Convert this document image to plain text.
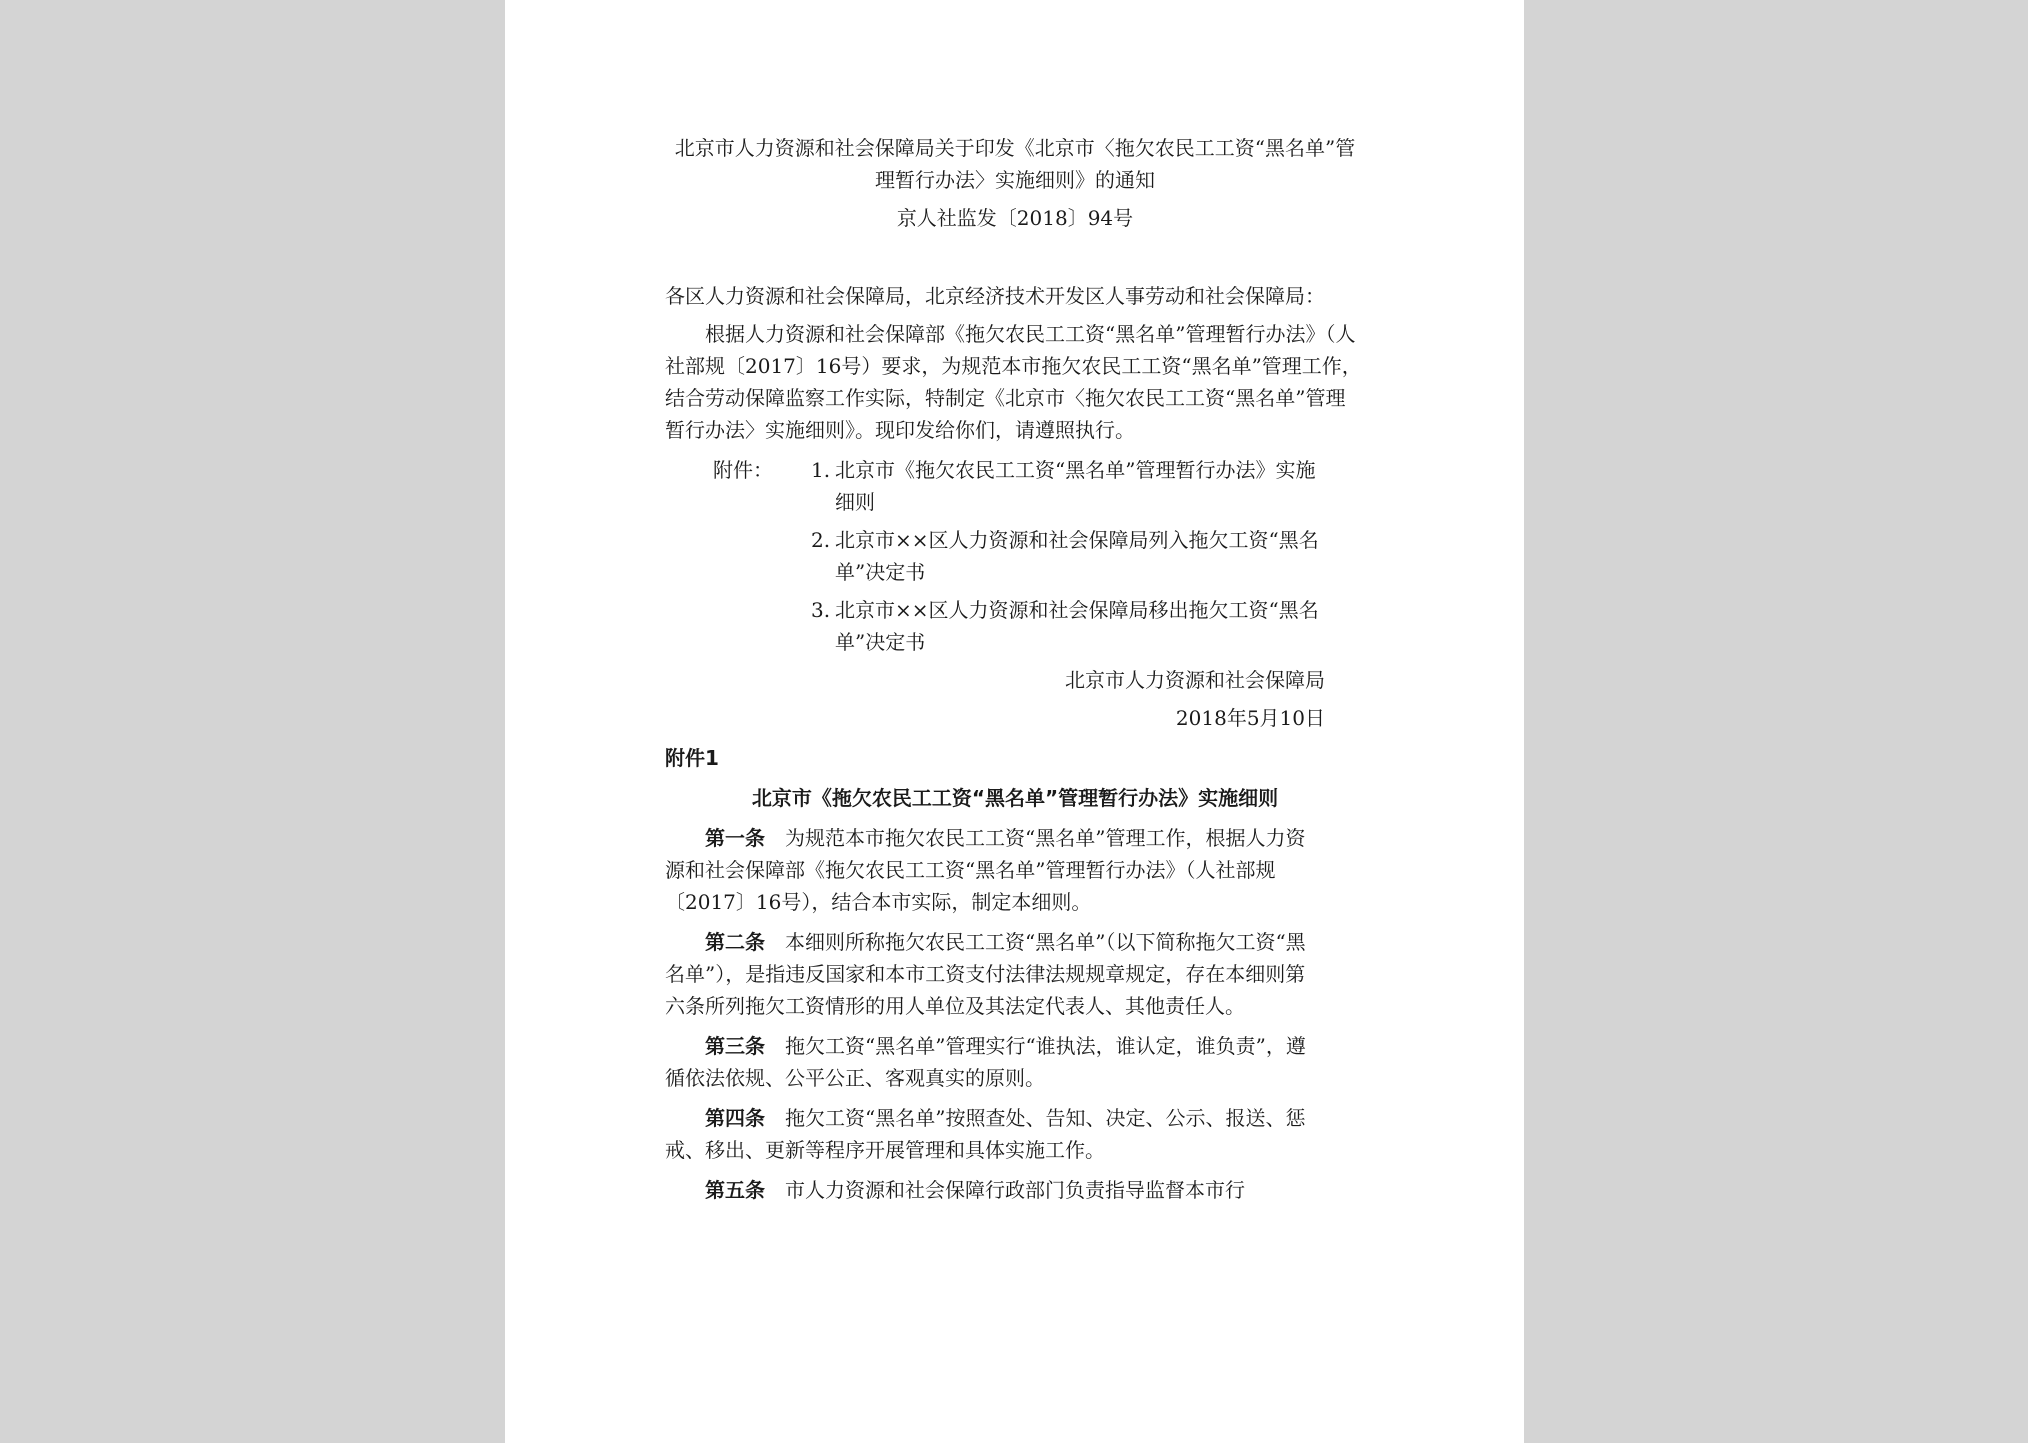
北京市人力资源和社会保障局关于印发《北京市〈拖欠农民工工资“黑名单”管理暂行办法〉实施细则》的通知

京人社监发〔2018〕94号

各区人力资源和社会保障局，北京经济技术开发区人事劳动和社会保障局：

根据人力资源和社会保障部《拖欠农民工工资“黑名单”管理暂行办法》（人社部规〔2017〕16号）要求，为规范本市拖欠农民工工资“黑名单”管理工作，结合劳动保障监察工作实际，特制定《北京市〈拖欠农民工工资“黑名单”管理暂行办法〉实施细则》。现印发给你们，请遵照执行。

附件：	1. 北京市《拖欠农民工工资“黑名单”管理暂行办法》实施细则
2. 北京市××区人力资源和社会保障局列入拖欠工资“黑名单”决定书
3. 北京市××区人力资源和社会保障局移出拖欠工资“黑名单”决定书

北京市人力资源和社会保障局

2018年5月10日

附件1

北京市《拖欠农民工工资“黑名单”管理暂行办法》实施细则

第一条 为规范本市拖欠农民工工资“黑名单”管理工作，根据人力资源和社会保障部《拖欠农民工工资“黑名单”管理暂行办法》（人社部规〔2017〕16号），结合本市实际，制定本细则。

第二条 本细则所称拖欠农民工工资“黑名单”（以下简称拖欠工资“黑名单”），是指违反国家和本市工资支付法律法规规章规定，存在本细则第六条所列拖欠工资情形的用人单位及其法定代表人、其他责任人。

第三条 拖欠工资“黑名单”管理实行“谁执法，谁认定，谁负责”，遵循依法依规、公平公正、客观真实的原则。

第四条 拖欠工资“黑名单”按照查处、告知、决定、公示、报送、惩戒、移出、更新等程序开展管理和具体实施工作。

第五条 市人力资源和社会保障行政部门负责指导监督本市行
